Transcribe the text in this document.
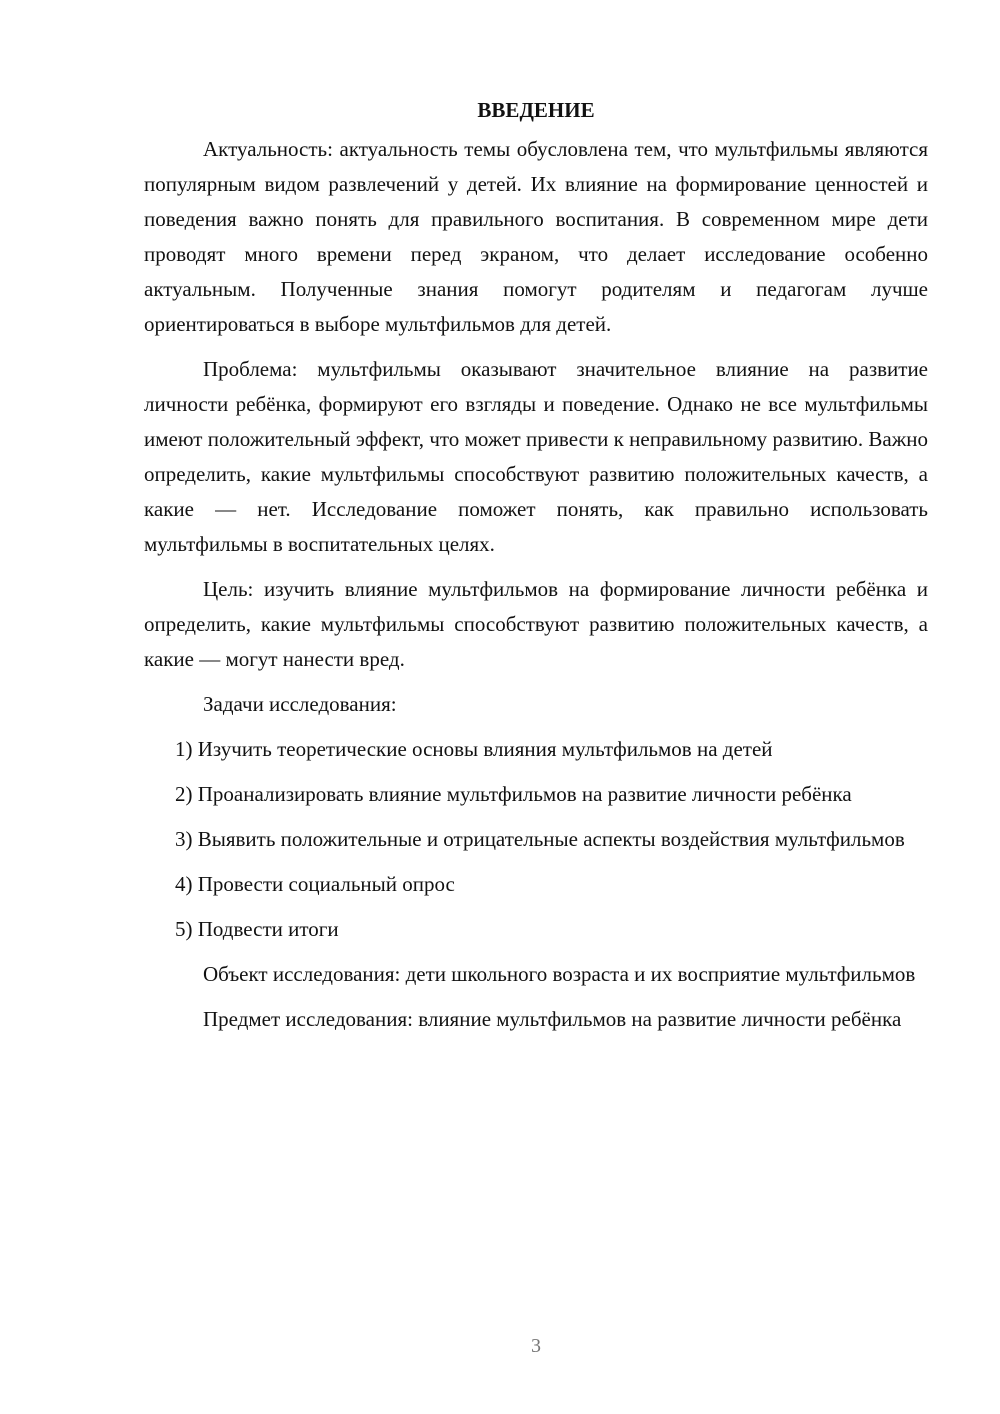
ВВЕДЕНИЕ

Актуальность: актуальность темы обусловлена тем, что мультфильмы являются популярным видом развлечений у детей. Их влияние на формирование ценностей и поведения важно понять для правильного воспитания. В современном мире дети проводят много времени перед экраном, что делает исследование особенно актуальным. Полученные знания помогут родителям и педагогам лучше ориентироваться в выборе мультфильмов для детей.

Проблема: мультфильмы оказывают значительное влияние на развитие личности ребёнка, формируют его взгляды и поведение. Однако не все мультфильмы имеют положительный эффект, что может привести к неправильному развитию. Важно определить, какие мультфильмы способствуют развитию положительных качеств, а какие — нет. Исследование поможет понять, как правильно использовать мультфильмы в воспитательных целях.

Цель: изучить влияние мультфильмов на формирование личности ребёнка и определить, какие мультфильмы способствуют развитию положительных качеств, а какие — могут нанести вред.

Задачи исследования:

1) Изучить теоретические основы влияния мультфильмов на детей

2) Проанализировать влияние мультфильмов на развитие личности ребёнка

3) Выявить положительные и отрицательные аспекты воздействия мультфильмов

4) Провести социальный опрос

5) Подвести итоги

Объект исследования: дети школьного возраста и их восприятие мультфильмов

Предмет исследования: влияние мультфильмов на развитие личности ребёнка

3
